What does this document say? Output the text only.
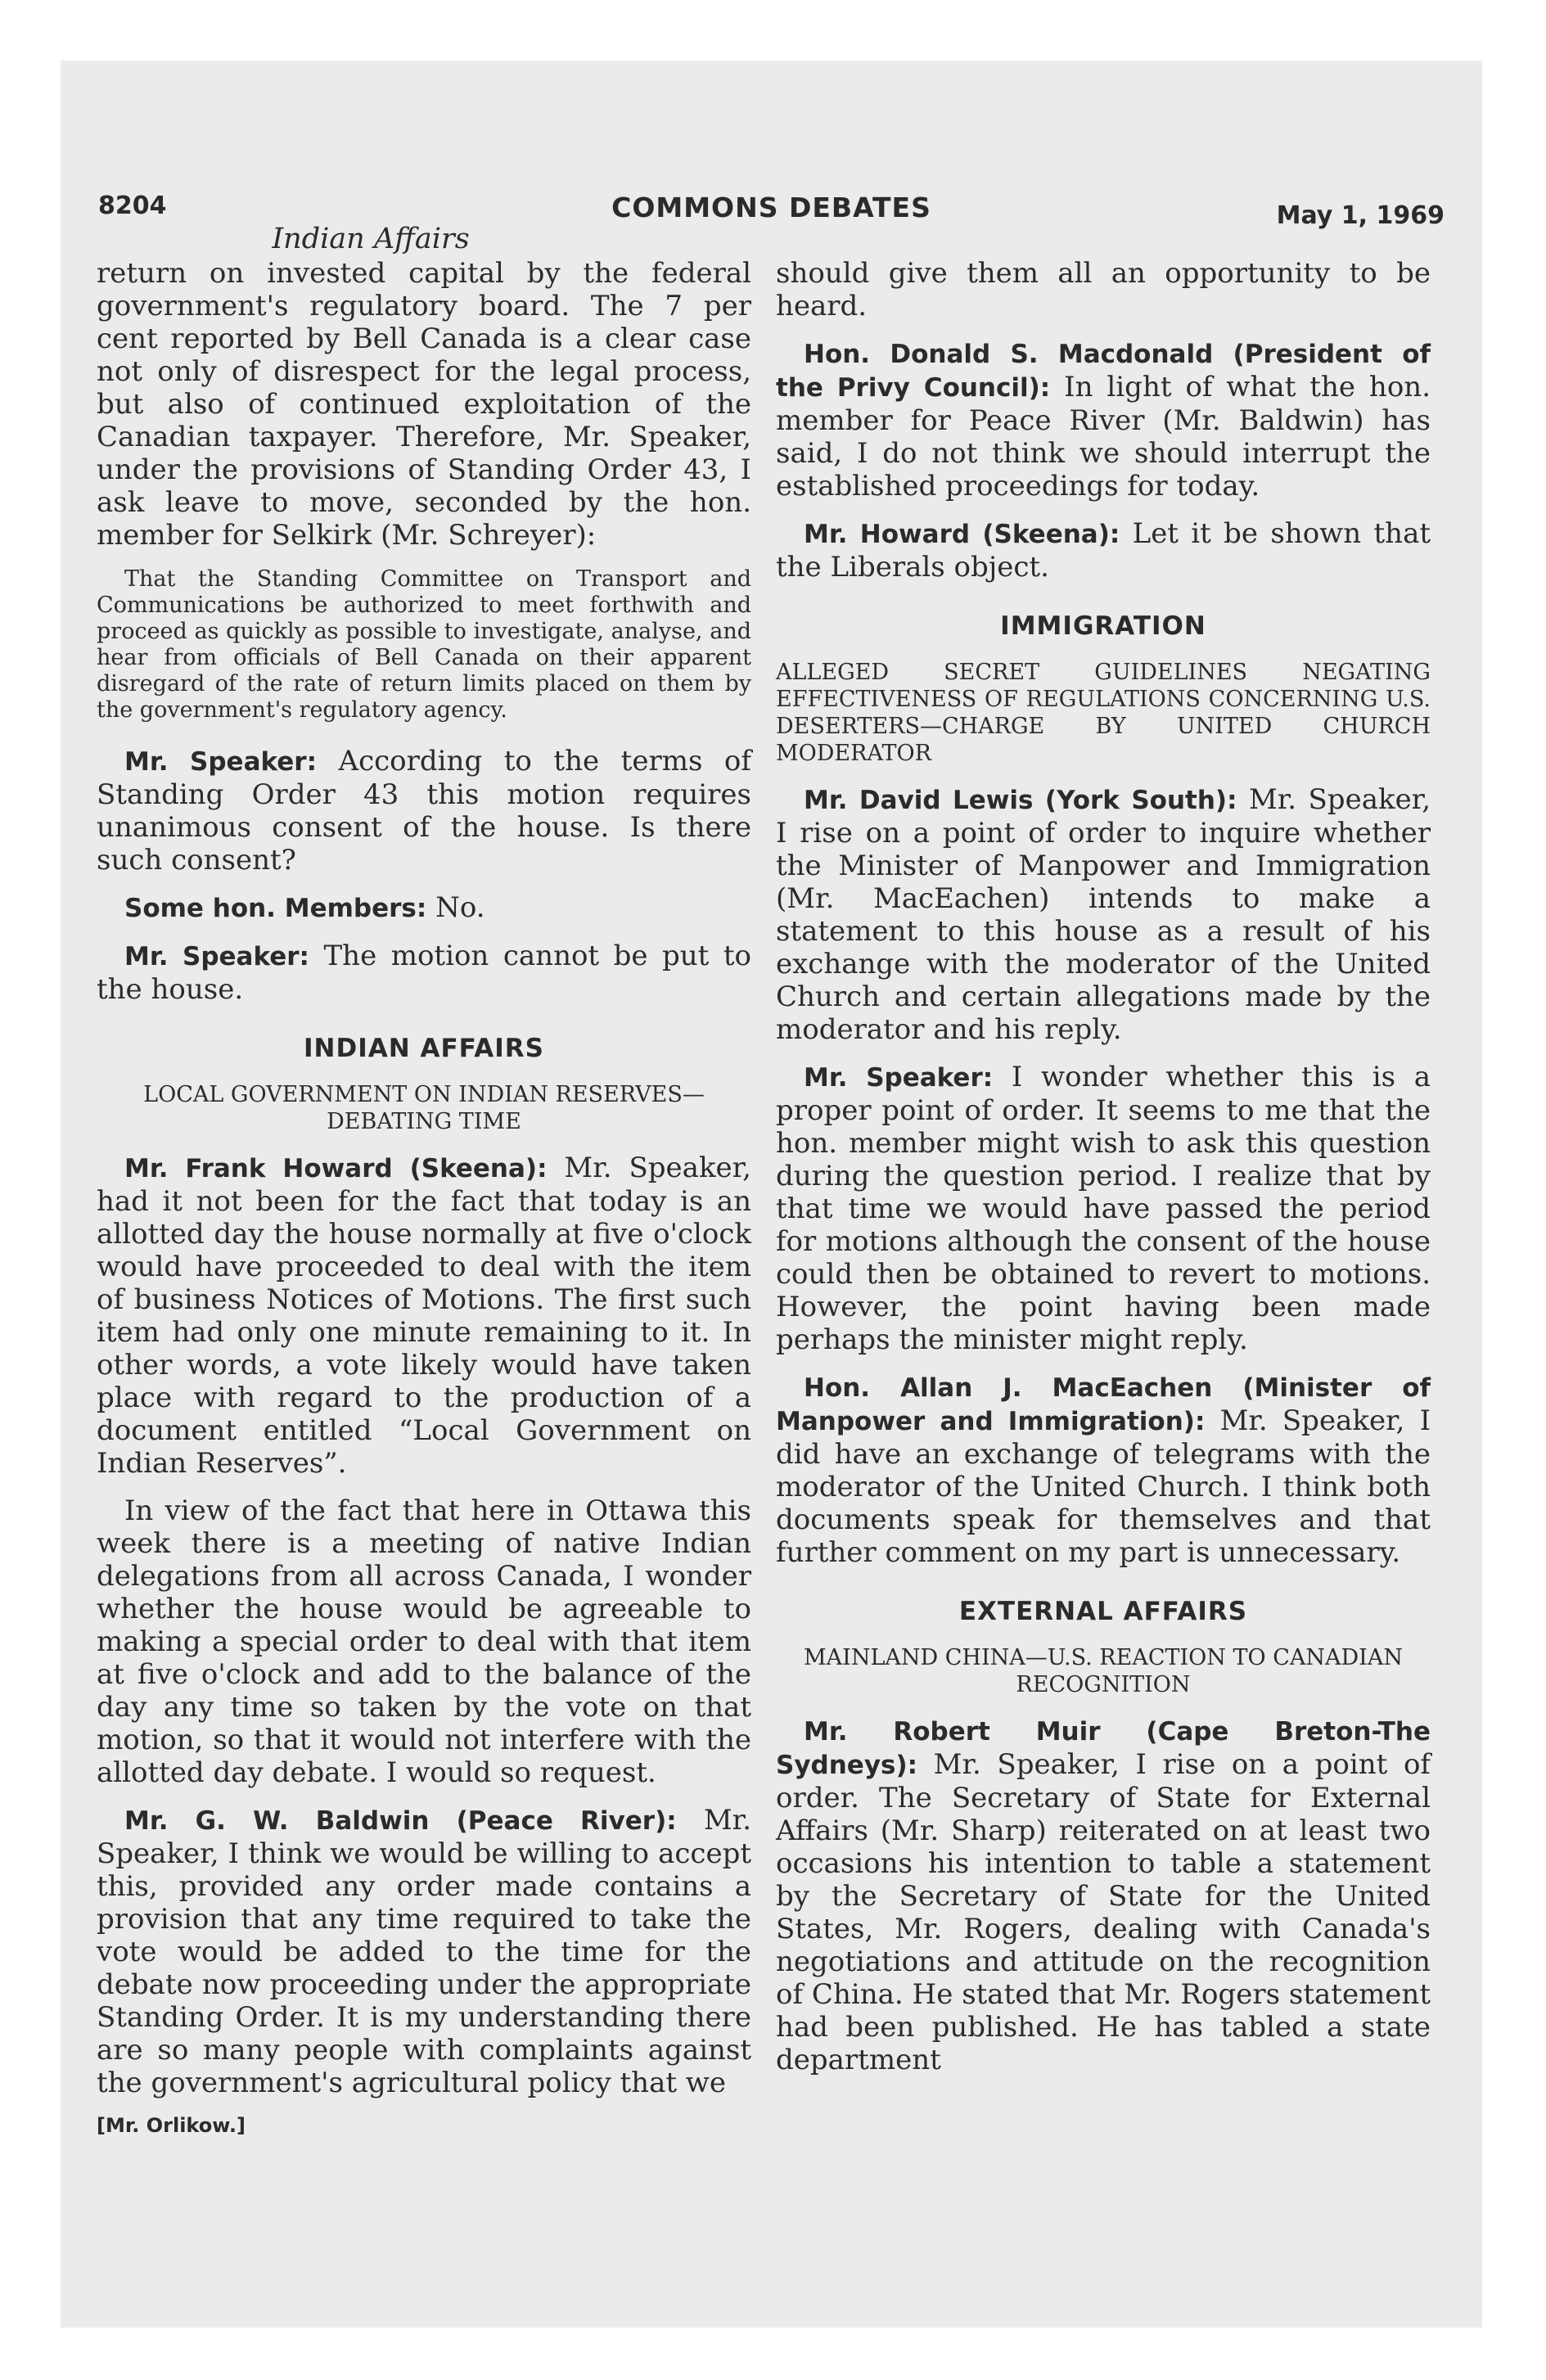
8204	COMMONS DEBATES	May 1, 1969

Indian Affairs

return on invested capital by the federal government's regulatory board. The 7 per cent reported by Bell Canada is a clear case not only of disrespect for the legal process, but also of continued exploitation of the Canadian taxpayer. Therefore, Mr. Speaker, under the provisions of Standing Order 43, I ask leave to move, seconded by the hon. member for Selkirk (Mr. Schreyer):

That the Standing Committee on Transport and Communications be authorized to meet forthwith and proceed as quickly as possible to investigate, analyse, and hear from officials of Bell Canada on their apparent disregard of the rate of return limits placed on them by the government's regulatory agency.

Mr. Speaker: According to the terms of Standing Order 43 this motion requires unanimous consent of the house. Is there such consent?

Some hon. Members: No.

Mr. Speaker: The motion cannot be put to the house.

INDIAN AFFAIRS

LOCAL GOVERNMENT ON INDIAN RESERVES—DEBATING TIME

Mr. Frank Howard (Skeena): Mr. Speaker, had it not been for the fact that today is an allotted day the house normally at five o'clock would have proceeded to deal with the item of business Notices of Motions. The first such item had only one minute remaining to it. In other words, a vote likely would have taken place with regard to the production of a document entitled “Local Government on Indian Reserves”.

In view of the fact that here in Ottawa this week there is a meeting of native Indian delegations from all across Canada, I wonder whether the house would be agreeable to making a special order to deal with that item at five o'clock and add to the balance of the day any time so taken by the vote on that motion, so that it would not interfere with the allotted day debate. I would so request.

Mr. G. W. Baldwin (Peace River): Mr. Speaker, I think we would be willing to accept this, provided any order made contains a provision that any time required to take the vote would be added to the time for the debate now proceeding under the appropriate Standing Order. It is my understanding there are so many people with complaints against the government's agricultural policy that we

[Mr. Orlikow.]

should give them all an opportunity to be heard.

Hon. Donald S. Macdonald (President of the Privy Council): In light of what the hon. member for Peace River (Mr. Baldwin) has said, I do not think we should interrupt the established proceedings for today.

Mr. Howard (Skeena): Let it be shown that the Liberals object.

IMMIGRATION

ALLEGED SECRET GUIDELINES NEGATING EFFECTIVENESS OF REGULATIONS CONCERNING U.S. DESERTERS—CHARGE BY UNITED CHURCH MODERATOR

Mr. David Lewis (York South): Mr. Speaker, I rise on a point of order to inquire whether the Minister of Manpower and Immigration (Mr. MacEachen) intends to make a statement to this house as a result of his exchange with the moderator of the United Church and certain allegations made by the moderator and his reply.

Mr. Speaker: I wonder whether this is a proper point of order. It seems to me that the hon. member might wish to ask this question during the question period. I realize that by that time we would have passed the period for motions although the consent of the house could then be obtained to revert to motions. However, the point having been made perhaps the minister might reply.

Hon. Allan J. MacEachen (Minister of Manpower and Immigration): Mr. Speaker, I did have an exchange of telegrams with the moderator of the United Church. I think both documents speak for themselves and that further comment on my part is unnecessary.

EXTERNAL AFFAIRS

MAINLAND CHINA—U.S. REACTION TO CANADIAN RECOGNITION

Mr. Robert Muir (Cape Breton-The Sydneys): Mr. Speaker, I rise on a point of order. The Secretary of State for External Affairs (Mr. Sharp) reiterated on at least two occasions his intention to table a statement by the Secretary of State for the United States, Mr. Rogers, dealing with Canada's negotiations and attitude on the recognition of China. He stated that Mr. Rogers statement had been published. He has tabled a state department
